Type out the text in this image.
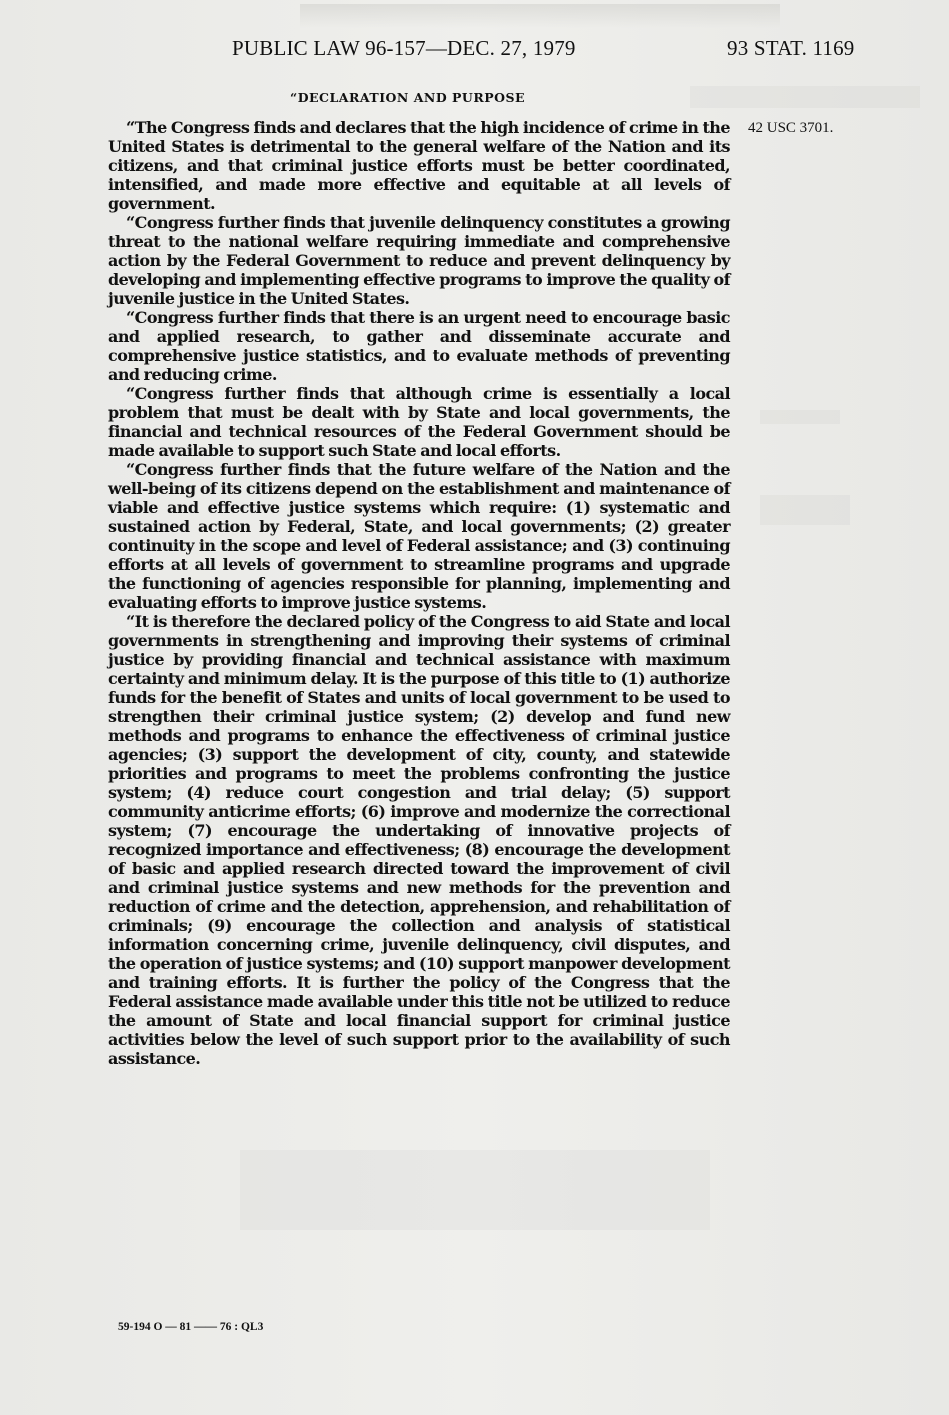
PUBLIC LAW 96-157—DEC. 27, 1979	93 STAT. 1169
“DECLARATION AND PURPOSE
42 USC 3701.

“The Congress finds and declares that the high incidence of crime in the United States is detrimental to the general welfare of the Nation and its citizens, and that criminal justice efforts must be better coordinated, intensified, and made more effective and equitable at all levels of government.

“Congress further finds that juvenile delinquency constitutes a growing threat to the national welfare requiring immediate and comprehensive action by the Federal Government to reduce and prevent delinquency by developing and implementing effective programs to improve the quality of juvenile justice in the United States.

“Congress further finds that there is an urgent need to encourage basic and applied research, to gather and disseminate accurate and comprehensive justice statistics, and to evaluate methods of preventing and reducing crime.

“Congress further finds that although crime is essentially a local problem that must be dealt with by State and local governments, the financial and technical resources of the Federal Government should be made available to support such State and local efforts.

“Congress further finds that the future welfare of the Nation and the well-being of its citizens depend on the establishment and maintenance of viable and effective justice systems which require: (1) systematic and sustained action by Federal, State, and local governments; (2) greater continuity in the scope and level of Federal assistance; and (3) continuing efforts at all levels of government to streamline programs and upgrade the functioning of agencies responsible for planning, implementing and evaluating efforts to improve justice systems.

“It is therefore the declared policy of the Congress to aid State and local governments in strengthening and improving their systems of criminal justice by providing financial and technical assistance with maximum certainty and minimum delay. It is the purpose of this title to (1) authorize funds for the benefit of States and units of local government to be used to strengthen their criminal justice system; (2) develop and fund new methods and programs to enhance the effectiveness of criminal justice agencies; (3) support the development of city, county, and statewide priorities and programs to meet the problems confronting the justice system; (4) reduce court congestion and trial delay; (5) support community anticrime efforts; (6) improve and modernize the correctional system; (7) encourage the undertaking of innovative projects of recognized importance and effectiveness; (8) encourage the development of basic and applied research directed toward the improvement of civil and criminal justice systems and new methods for the prevention and reduction of crime and the detection, apprehension, and rehabilitation of criminals; (9) encourage the collection and analysis of statistical information concerning crime, juvenile delinquency, civil disputes, and the operation of justice systems; and (10) support manpower development and training efforts. It is further the policy of the Congress that the Federal assistance made available under this title not be utilized to reduce the amount of State and local financial support for criminal justice activities below the level of such support prior to the availability of such assistance.

59-194 O — 81 —— 76 : QL3
